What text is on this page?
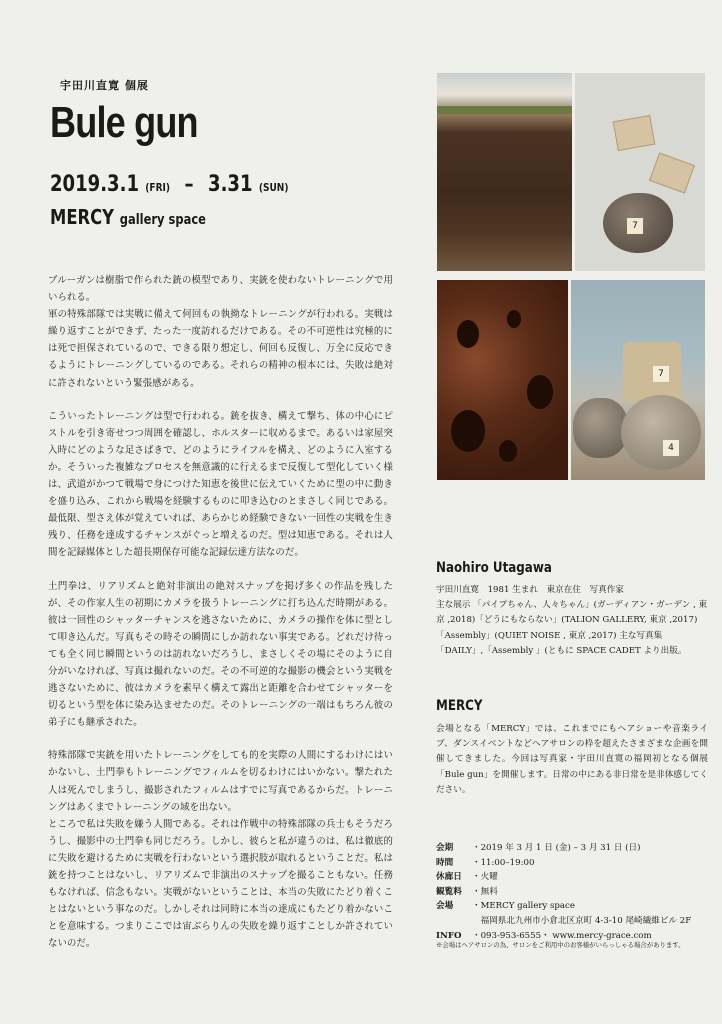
宇田川直寛 個展
Bule gun
2019.3.1 (FRI) – 3.31 (SUN)
MERCY gallery space

ブルーガンは樹脂で作られた銃の模型であり、実銃を使わないトレーニングで用いられる。
軍の特殊部隊では実戦に備えて何回もの執拗なトレーニングが行われる。実戦は繰り返すことができず、たった一度訪れるだけである。その不可逆性は究極的には死で担保されているので、できる限り想定し、何回も反復し、万全に反応できるようにトレーニングしているのである。それらの精神の根本には、失敗は絶対に許されないという緊張感がある。

こういったトレーニングは型で行われる。銃を抜き、構えて撃ち、体の中心にピストルを引き寄せつつ周囲を確認し、ホルスターに収めるまで。あるいは家屋突入時にどのような足さばきで、どのようにライフルを構え、どのように入室するか。そういった複雑なプロセスを無意識的に行えるまで反復して型化していく様は、武道がかつて戦場で身につけた知恵を後世に伝えていくために型の中に動きを盛り込み、これから戦場を経験するものに叩き込むのとまさしく同じである。最低限、型さえ体が覚えていれば、あらかじめ経験できない一回性の実戦を生き残り、任務を達成するチャンスがぐっと増えるのだ。型は知恵である。それは人間を記録媒体とした超長期保存可能な記録伝達方法なのだ。

土門拳は、リアリズムと絶対非演出の絶対スナップを掲げ多くの作品を残したが、その作家人生の初期にカメラを扱うトレーニングに打ち込んだ時期がある。彼は一回性のシャッターチャンスを逃さないために、カメラの操作を体に型として叩き込んだ。写真もその時その瞬間にしか訪れない事実である。どれだけ待っても全く同じ瞬間というのは訪れないだろうし、まさしくその場にそのように自分がいなければ、写真は撮れないのだ。その不可逆的な撮影の機会という実戦を逃さないために、彼はカメラを素早く構えて露出と距離を合わせてシャッターを切るという型を体に染み込ませたのだ。そのトレーニングの一端はもちろん彼の弟子にも継承された。

特殊部隊で実銃を用いたトレーニングをしても的を実際の人間にするわけにはいかないし、土門拳もトレーニングでフィルムを切るわけにはいかない。撃たれた人は死んでしまうし、撮影されたフィルムはすでに写真であるからだ。トレーニングはあくまでトレーニングの域を出ない。
ところで私は失敗を嫌う人間である。それは作戦中の特殊部隊の兵士もそうだろうし、撮影中の土門拳も同じだろう。しかし、彼らと私が違うのは、私は徹底的に失敗を避けるために実戦を行わないという選択肢が取れるということだ。私は銃を持つことはないし、リアリズムで非演出のスナップを撮ることもない。任務もなければ、信念もない。実戦がないということは、本当の失敗にたどり着くことはないという事なのだ。しかしそれは同時に本当の達成にもたどり着かないことを意味する。つまりここでは宙ぶらりんの失敗を繰り返すことしか許されていないのだ。

7
7
4
Naohiro Utagawa
宇田川直寛　1981 生まれ　東京在住　写真作家
主な展示 「パイプちゃん、人々ちゃん」(ガーディアン・ガーデン , 東京 ,2018)「どうにもならない」(TALION GALLERY, 東京 ,2017)「Assembly」(QUIET NOISE , 東京 ,2017) 主な写真集「DAILY」,「Assembly 」(ともに SPACE CADET より出版。
MERCY
会場となる「MERCY」では、これまでにもヘアショーや音楽ライブ、ダンスイベントなどヘアサロンの枠を超えたさまざまな企画を開催してきました。今回は写真家・宇田川直寛の福岡初となる個展「Bule gun」を開催します。日常の中にある非日常を是非体感してください。
会期	・2019 年 3 月 1 日 (金) – 3 月 31 日 (日)
時間	・11:00–19:00
休廊日	・火曜
観覧料	・無料
会場	・MERCY gallery space
　福岡県北九州市小倉北区京町 4-3-10 尾崎繊維ビル 2F
INFO	・093-953-6555・ www.mercy-grace.com
※会場はヘアサロンの為、サロンをご利用中のお客様がいらっしゃる場合があります。
